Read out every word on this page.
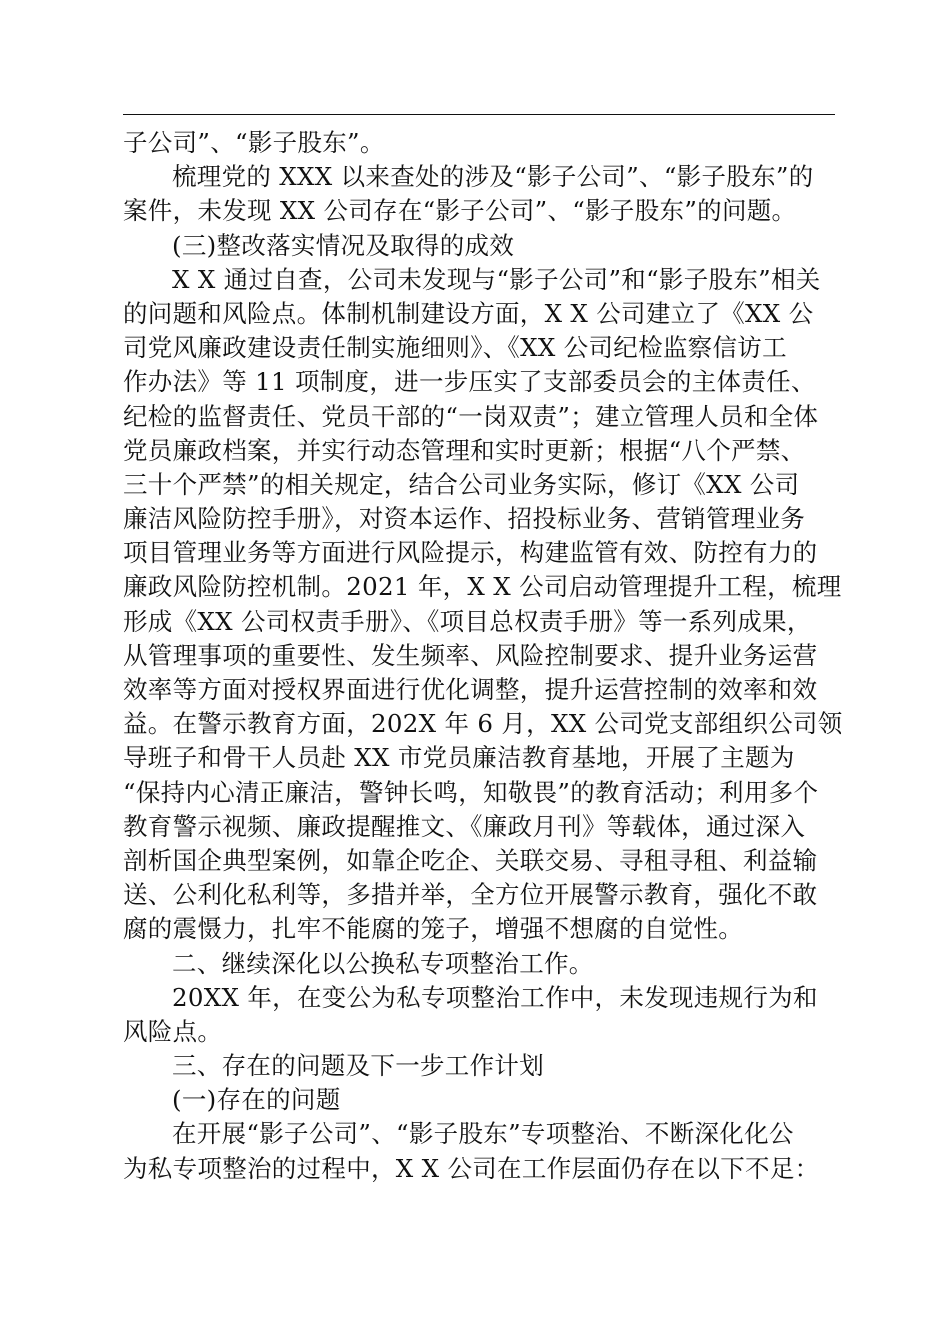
子公司”、“影子股东”。
梳理党的 XXX 以来查处的涉及“影子公司”、“影子股东”的
案件，未发现 XX 公司存在“影子公司”、“影子股东”的问题。
(三)整改落实情况及取得的成效
X X 通过自查，公司未发现与“影子公司”和“影子股东”相关
的问题和风险点。体制机制建设方面，X X 公司建立了《XX 公
司党风廉政建设责任制实施细则》、《XX 公司纪检监察信访工
作办法》等 11 项制度，进一步压实了支部委员会的主体责任、
纪检的监督责任、党员干部的“一岗双责”；建立管理人员和全体
党员廉政档案，并实行动态管理和实时更新；根据“八个严禁、
三十个严禁”的相关规定，结合公司业务实际，修订《XX 公司
廉洁风险防控手册》，对资本运作、招投标业务、营销管理业务
项目管理业务等方面进行风险提示，构建监管有效、防控有力的
廉政风险防控机制。2021 年，X X 公司启动管理提升工程，梳理
形成《XX 公司权责手册》、《项目总权责手册》等一系列成果，
从管理事项的重要性、发生频率、风险控制要求、提升业务运营
效率等方面对授权界面进行优化调整，提升运营控制的效率和效
益。在警示教育方面，202X 年 6 月，XX 公司党支部组织公司领
导班子和骨干人员赴 XX 市党员廉洁教育基地，开展了主题为
“保持内心清正廉洁，警钟长鸣，知敬畏”的教育活动；利用多个
教育警示视频、廉政提醒推文、《廉政月刊》等载体，通过深入
剖析国企典型案例，如靠企吃企、关联交易、寻租寻租、利益输
送、公利化私利等，多措并举，全方位开展警示教育，强化不敢
腐的震慑力，扎牢不能腐的笼子，增强不想腐的自觉性。
二、继续深化以公换私专项整治工作。
20XX 年，在变公为私专项整治工作中，未发现违规行为和
风险点。
三、存在的问题及下一步工作计划
(一)存在的问题
在开展“影子公司”、“影子股东”专项整治、不断深化化公
为私专项整治的过程中，X X 公司在工作层面仍存在以下不足：
